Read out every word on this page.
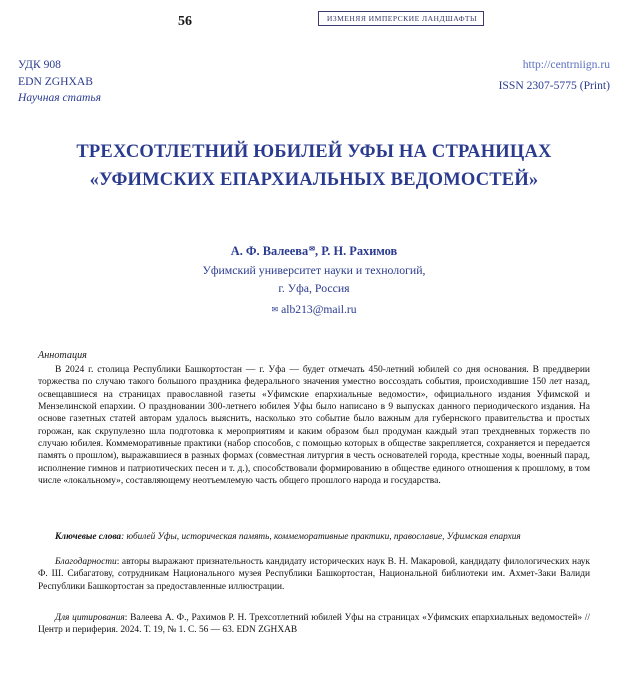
56	ИЗМЕНЯЯ ИМПЕРСКИЕ ЛАНДШАФТЫ
УДК 908
EDN ZGHXAB
Научная статья
http://centrniign.ru
ISSN 2307-5775 (Print)
ТРЕХСОТЛЕТНИЙ ЮБИЛЕЙ УФЫ НА СТРАНИЦАХ
«УФИМСКИХ ЕПАРХИАЛЬНЫХ ВЕДОМОСТЕЙ»
А. Ф. Валеева✉, Р. Н. Рахимов
Уфимский университет науки и технологий,
г. Уфа, Россия
✉ alb213@mail.ru
Аннотация
В 2024 г. столица Республики Башкортостан — г. Уфа — будет отмечать 450-летний юбилей со дня основания. В преддверии торжества по случаю такого большого праздника федерального значения уместно воссоздать события, происходившие 150 лет назад, освещавшиеся на страницах православной газеты «Уфимские епархиальные ведомости», официального издания Уфимской и Мензелинской епархии. О праздновании 300-летнего юбилея Уфы было написано в 9 выпусках данного периодического издания. На основе газетных статей авторам удалось выяснить, насколько это событие было важным для губернского правительства и простых горожан, как скрупулезно шла подготовка к мероприятиям и каким образом был продуман каждый этап трехдневных торжеств по случаю юбилея. Коммеморативные практики (набор способов, с помощью которых в обществе закрепляется, сохраняется и передается память о прошлом), выражавшиеся в разных формах (совместная литургия в честь основателей города, крестные ходы, военный парад, исполнение гимнов и патриотических песен и т. д.), способствовали формированию в обществе единого отношения к прошлому, в том числе «локальному», составляющему неотъемлемую часть общего прошлого народа и государства.
Ключевые слова: юбилей Уфы, историческая память, коммеморативные практики, православие, Уфимская епархия
Благодарности: авторы выражают признательность кандидату исторических наук В. Н. Макаровой, кандидату филологических наук Ф. Ш. Сибагатову, сотрудникам Национального музея Республики Башкортостан, Национальной библиотеки им. Ахмет-Заки Валиди Республики Башкортостан за предоставленные иллюстрации.
Для цитирования: Валеева А. Ф., Рахимов Р. Н. Трехсотлетний юбилей Уфы на страницах «Уфимских епархиальных ведомостей» // Центр и периферия. 2024. Т. 19, № 1. С. 56 — 63. EDN ZGHXAB
